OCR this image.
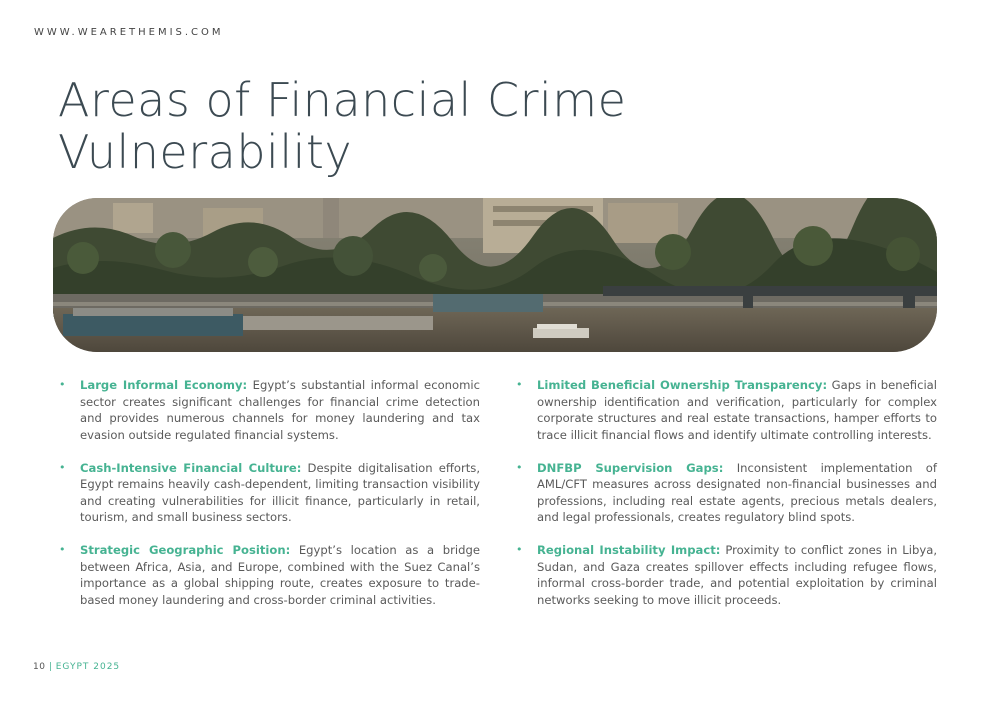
WWW.WEARETHEMIS.COM
Areas of Financial Crime
Vulnerability
• Large Informal Economy: Egypt’s substantial informal economic sector creates significant challenges for financial crime detection and provides numerous channels for money laundering and tax evasion outside regulated financial systems.
• Cash-Intensive Financial Culture: Despite digitalisation efforts, Egypt remains heavily cash-dependent, limiting transaction visibility and creating vulnerabilities for illicit finance, particularly in retail, tourism, and small business sectors.
• Strategic Geographic Position: Egypt’s location as a bridge between Africa, Asia, and Europe, combined with the Suez Canal’s importance as a global shipping route, creates exposure to trade-based money laundering and cross-border criminal activities.
• Limited Beneficial Ownership Transparency: Gaps in beneficial ownership identification and verification, particularly for complex corporate structures and real estate transactions, hamper efforts to trace illicit financial flows and identify ultimate controlling interests.
• DNFBP Supervision Gaps: Inconsistent implementation of AML/CFT measures across designated non-financial businesses and professions, including real estate agents, precious metals dealers, and legal professionals, creates regulatory blind spots.
• Regional Instability Impact: Proximity to conflict zones in Libya, Sudan, and Gaza creates spillover effects including refugee flows, informal cross-border trade, and potential exploitation by criminal networks seeking to move illicit proceeds.
10 | EGYPT 2025
